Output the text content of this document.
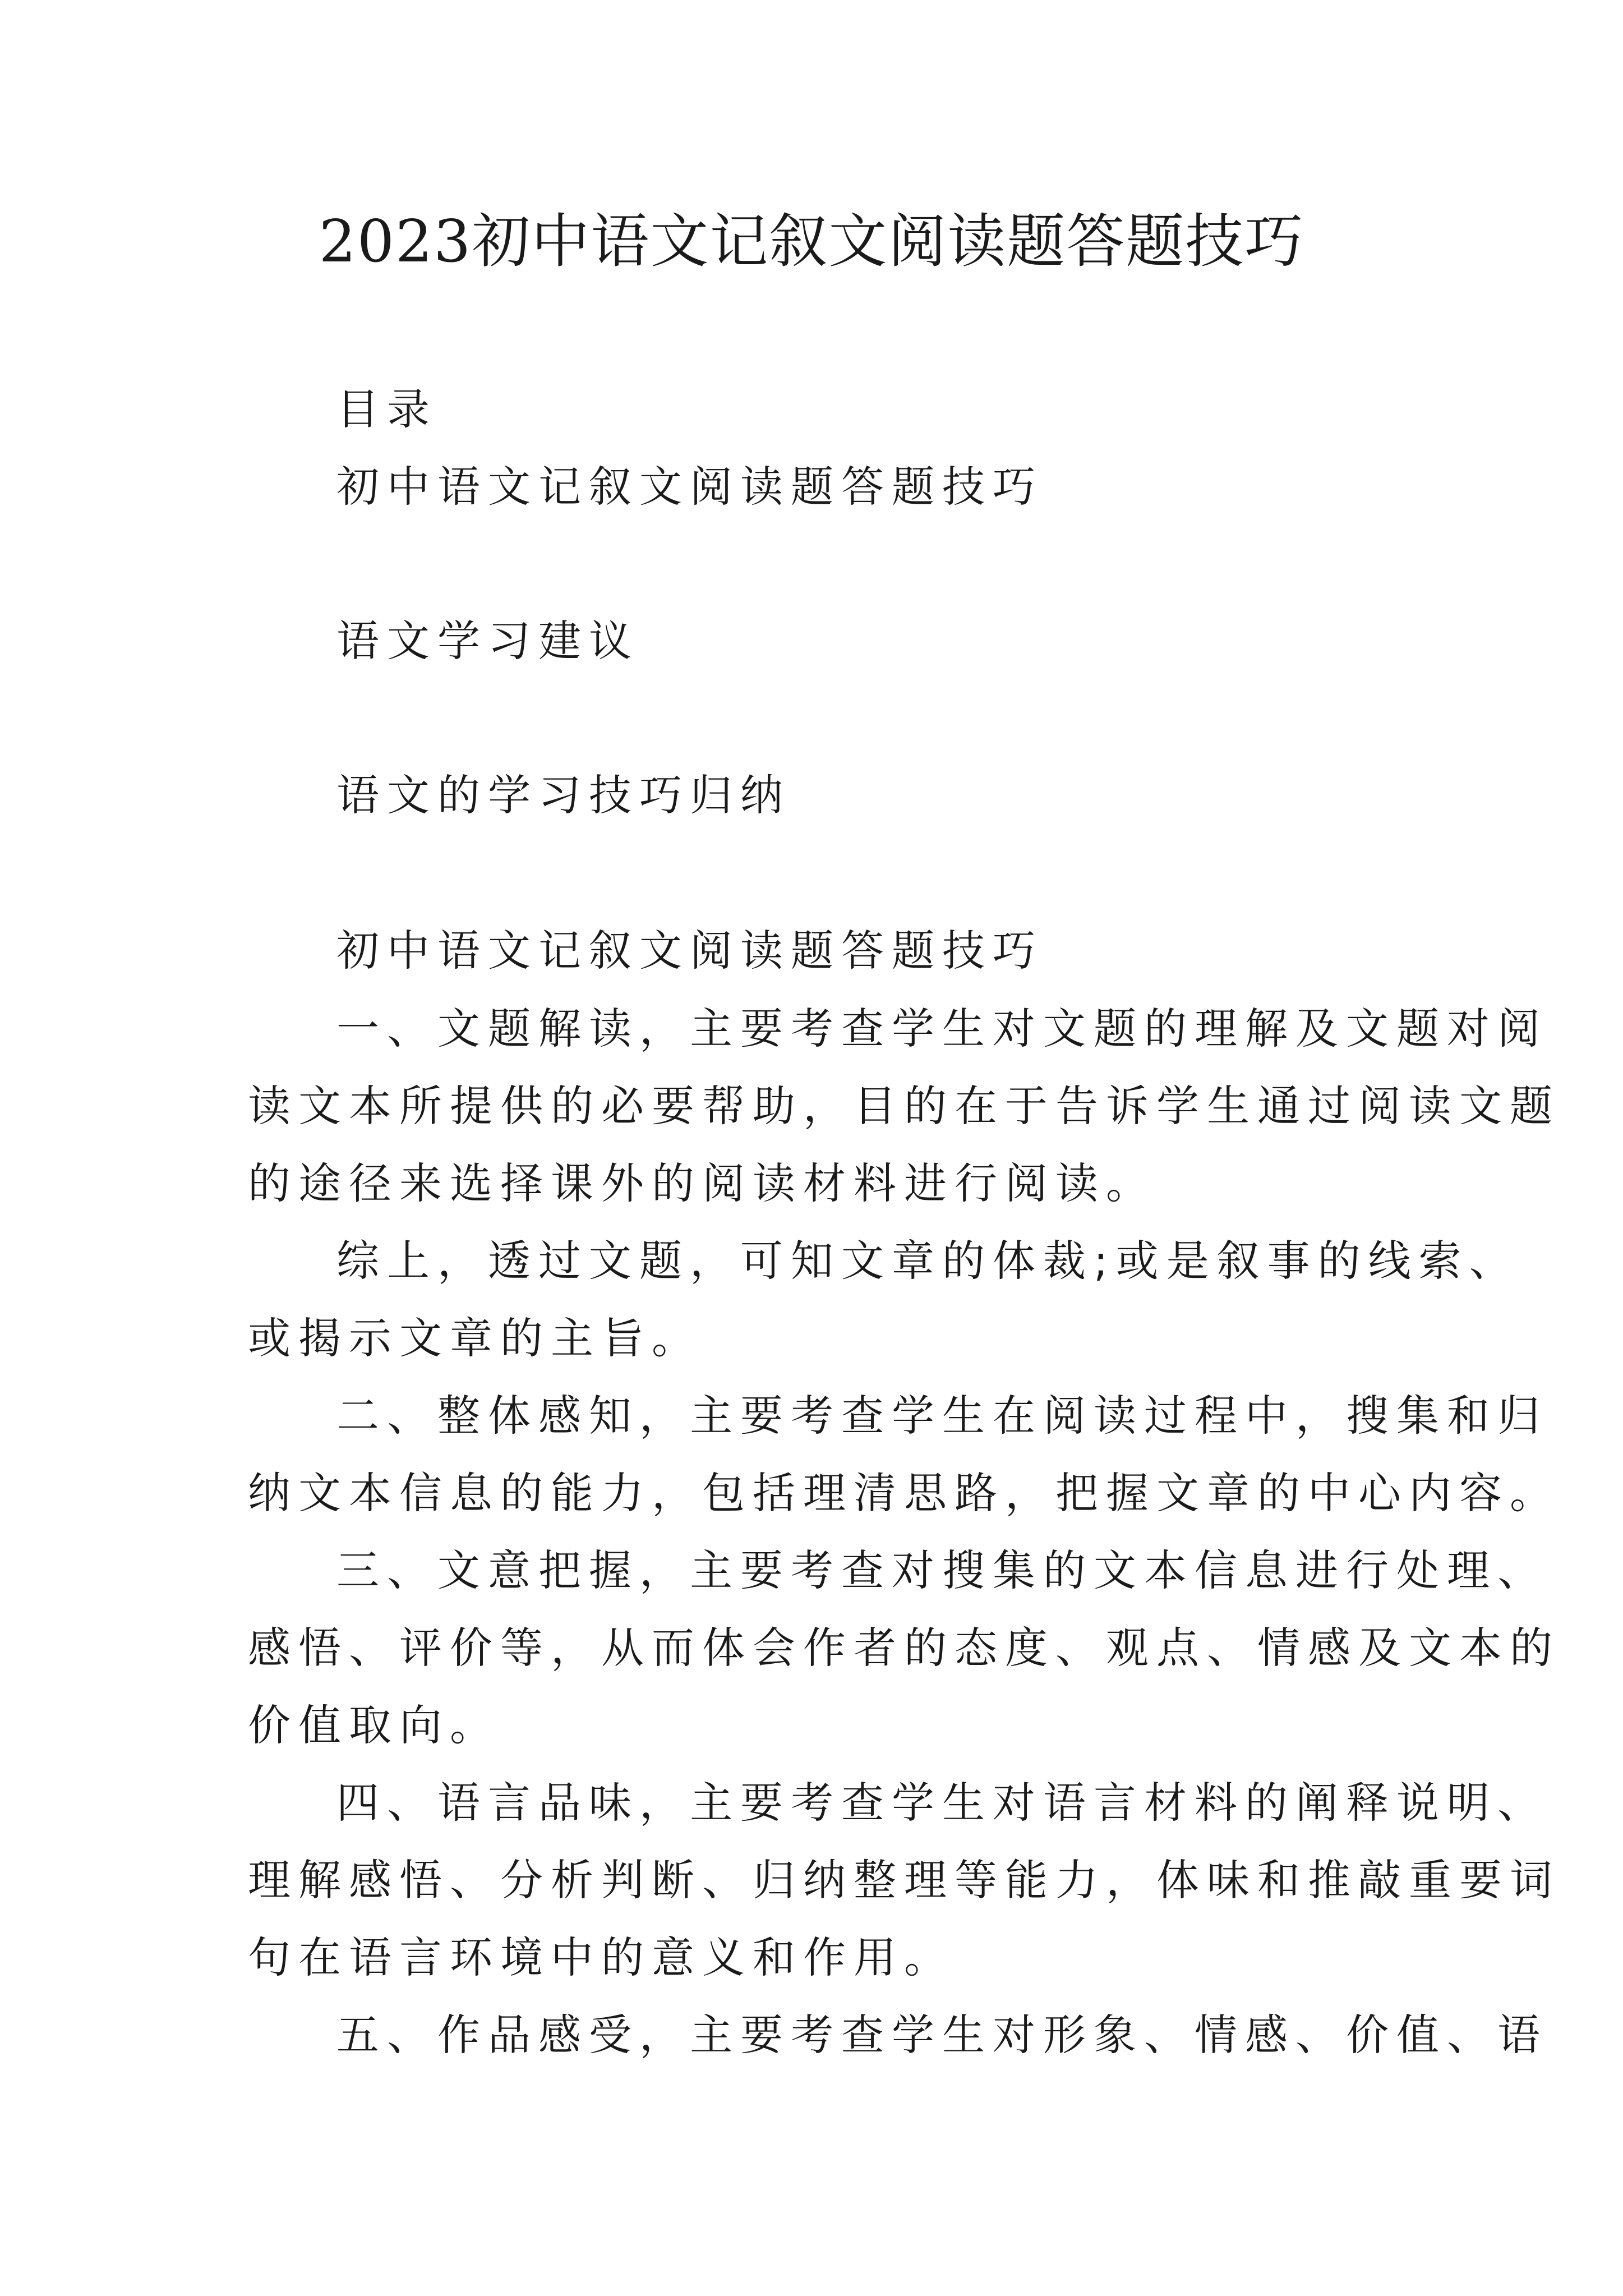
2023初中语文记叙文阅读题答题技巧

目录

初中语文记叙文阅读题答题技巧

语文学习建议

语文的学习技巧归纳

初中语文记叙文阅读题答题技巧

一、文题解读，主要考查学生对文题的理解及文题对阅

读文本所提供的必要帮助，目的在于告诉学生通过阅读文题

的途径来选择课外的阅读材料进行阅读。

综上，透过文题，可知文章的体裁;或是叙事的线索、

或揭示文章的主旨。

二、整体感知，主要考查学生在阅读过程中，搜集和归

纳文本信息的能力，包括理清思路，把握文章的中心内容。

三、文意把握，主要考查对搜集的文本信息进行处理、

感悟、评价等，从而体会作者的态度、观点、情感及文本的

价值取向。

四、语言品味，主要考查学生对语言材料的阐释说明、

理解感悟、分析判断、归纳整理等能力，体味和推敲重要词

句在语言环境中的意义和作用。

五、作品感受，主要考查学生对形象、情感、价值、语
